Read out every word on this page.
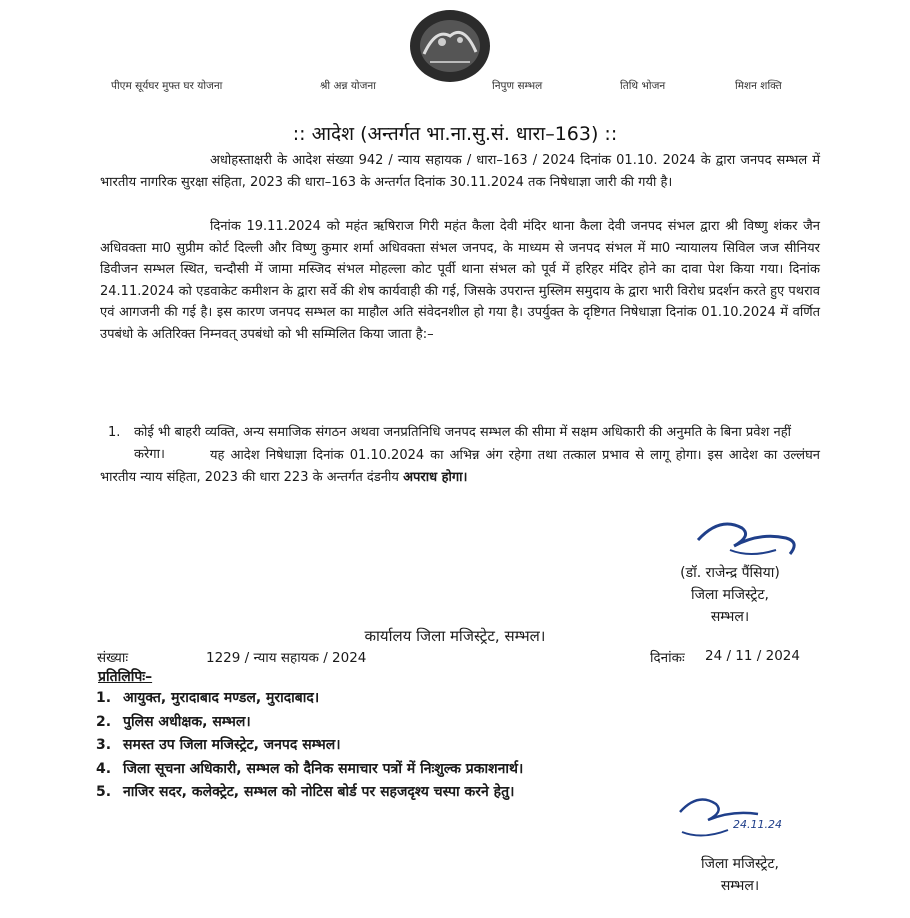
पीएम सूर्यघर मुफ्त घर योजना	श्री अन्न योजना	निपुण सम्भल	तिथि भोजन	मिशन शक्ति
:: आदेश (अन्तर्गत भा.ना.सु.सं. धारा–163) ::

अधोहस्ताक्षरी के आदेश संख्या 942 / न्याय सहायक / धारा–163 / 2024 दिनांक 01.10. 2024 के द्वारा जनपद सम्भल में भारतीय नागरिक सुरक्षा संहिता, 2023 की धारा–163 के अन्तर्गत दिनांक 30.11.2024 तक निषेधाज्ञा जारी की गयी है।

दिनांक 19.11.2024 को महंत ऋषिराज गिरी महंत कैला देवी मंदिर थाना कैला देवी जनपद संभल द्वारा श्री विष्णु शंकर जैन अधिवक्ता मा0 सुप्रीम कोर्ट दिल्ली और विष्णु कुमार शर्मा अधिवक्ता संभल जनपद, के माध्यम से जनपद संभल में मा0 न्यायालय सिविल जज सीनियर डिवीजन सम्भल स्थित, चन्दौसी में जामा मस्जिद संभल मोहल्ला कोट पूर्वी थाना संभल को पूर्व में हरिहर मंदिर होने का दावा पेश किया गया। दिनांक 24.11.2024 को एडवाकेट कमीशन के द्वारा सर्वे की शेष कार्यवाही की गई, जिसके उपरान्त मुस्लिम समुदाय के द्वारा भारी विरोध प्रदर्शन करते हुए पथराव एवं आगजनी की गई है। इस कारण जनपद सम्भल का माहौल अति संवेदनशील हो गया है। उपर्युक्त के दृष्टिगत निषेधाज्ञा दिनांक 01.10.2024 में वर्णित उपबंधो के अतिरिक्त निम्नवत् उपबंधो को भी सम्मिलित किया जाता है:–

1. कोई भी बाहरी व्यक्ति, अन्य समाजिक संगठन अथवा जनप्रतिनिधि जनपद सम्भल की सीमा में सक्षम अधिकारी की अनुमति के बिना प्रवेश नहीं करेगा।	यह आदेश निषेधाज्ञा दिनांक 01.10.2024 का अभिन्न अंग रहेगा तथा तत्काल प्रभाव से लागू होगा। इस आदेश का उल्लंघन भारतीय न्याय संहिता, 2023 की धारा 223 के अन्तर्गत दंडनीय अपराध होगा।

(डॉ. राजेन्द्र पैंसिया)
जिला मजिस्ट्रेट,
सम्भल।
कार्यालय जिला मजिस्ट्रेट, सम्भल।
संख्याः	1229 / न्याय सहायक / 2024	दिनांकः 24 / 11 / 2024
प्रतिलिपिः–
1. आयुक्त, मुरादाबाद मण्डल, मुरादाबाद।
2. पुलिस अधीक्षक, सम्भल।
3. समस्त उप जिला मजिस्ट्रेट, जनपद सम्भल।
4. जिला सूचना अधिकारी, सम्भल को दैनिक समाचार पत्रों में निःशुल्क प्रकाशनार्थ।
5. नाजिर सदर, कलेक्ट्रेट, सम्भल को नोटिस बोर्ड पर सहजदृश्य चस्पा करने हेतु।
24.11.24
जिला मजिस्ट्रेट,
सम्भल।
